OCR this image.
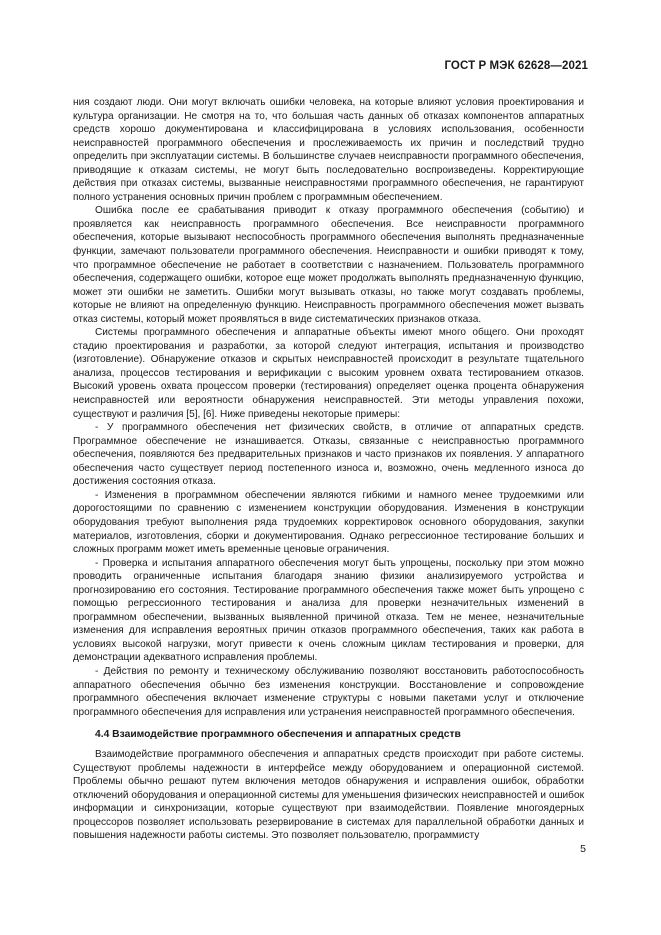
ГОСТ Р МЭК 62628—2021

ния создают люди. Они могут включать ошибки человека, на которые влияют условия проектирования и культура организации. Не смотря на то, что большая часть данных об отказах компонентов аппаратных средств хорошо документирована и классифицирована в условиях использования, особенности неисправностей программного обеспечения и прослеживаемость их причин и последствий трудно определить при эксплуатации системы. В большинстве случаев неисправности программного обеспечения, приводящие к отказам системы, не могут быть последовательно воспроизведены. Корректирующие действия при отказах системы, вызванные неисправностями программного обеспечения, не гарантируют полного устранения основных причин проблем с программным обеспечением.

Ошибка после ее срабатывания приводит к отказу программного обеспечения (событию) и проявляется как неисправность программного обеспечения. Все неисправности программного обеспечения, которые вызывают неспособность программного обеспечения выполнять предназначенные функции, замечают пользователи программного обеспечения. Неисправности и ошибки приводят к тому, что программное обеспечение не работает в соответствии с назначением. Пользователь программного обеспечения, содержащего ошибки, которое еще может продолжать выполнять предназначенную функцию, может эти ошибки не заметить. Ошибки могут вызывать отказы, но также могут создавать проблемы, которые не влияют на определенную функцию. Неисправность программного обеспечения может вызвать отказ системы, который может проявляться в виде систематических признаков отказа.

Системы программного обеспечения и аппаратные объекты имеют много общего. Они проходят стадию проектирования и разработки, за которой следуют интеграция, испытания и производство (изготовление). Обнаружение отказов и скрытых неисправностей происходит в результате тщательного анализа, процессов тестирования и верификации с высоким уровнем охвата тестированием отказов. Высокий уровень охвата процессом проверки (тестирования) определяет оценка процента обнаружения неисправностей или вероятности обнаружения неисправностей. Эти методы управления похожи, существуют и различия [5], [6]. Ниже приведены некоторые примеры:

- У программного обеспечения нет физических свойств, в отличие от аппаратных средств. Программное обеспечение не изнашивается. Отказы, связанные с неисправностью программного обеспечения, появляются без предварительных признаков и часто признаков их появления. У аппаратного обеспечения часто существует период постепенного износа и, возможно, очень медленного износа до достижения состояния отказа.

- Изменения в программном обеспечении являются гибкими и намного менее трудоемкими или дорогостоящими по сравнению с изменением конструкции оборудования. Изменения в конструкции оборудования требуют выполнения ряда трудоемких корректировок основного оборудования, закупки материалов, изготовления, сборки и документирования. Однако регрессионное тестирование больших и сложных программ может иметь временные ценовые ограничения.

- Проверка и испытания аппаратного обеспечения могут быть упрощены, поскольку при этом можно проводить ограниченные испытания благодаря знанию физики анализируемого устройства и прогнозированию его состояния. Тестирование программного обеспечения также может быть упрощено с помощью регрессионного тестирования и анализа для проверки незначительных изменений в программном обеспечении, вызванных выявленной причиной отказа. Тем не менее, незначительные изменения для исправления вероятных причин отказов программного обеспечения, таких как работа в условиях высокой нагрузки, могут привести к очень сложным циклам тестирования и проверки, для демонстрации адекватного исправления проблемы.

- Действия по ремонту и техническому обслуживанию позволяют восстановить работоспособность аппаратного обеспечения обычно без изменения конструкции. Восстановление и сопровождение программного обеспечения включает изменение структуры с новыми пакетами услуг и отключение программного обеспечения для исправления или устранения неисправностей программного обеспечения.

4.4 Взаимодействие программного обеспечения и аппаратных средств

Взаимодействие программного обеспечения и аппаратных средств происходит при работе системы. Существуют проблемы надежности в интерфейсе между оборудованием и операционной системой. Проблемы обычно решают путем включения методов обнаружения и исправления ошибок, обработки отключений оборудования и операционной системы для уменьшения физических неисправностей и ошибок информации и синхронизации, которые существуют при взаимодействии. Появление многоядерных процессоров позволяет использовать резервирование в системах для параллельной обработки данных и повышения надежности работы системы. Это позволяет пользователю, программисту

5
